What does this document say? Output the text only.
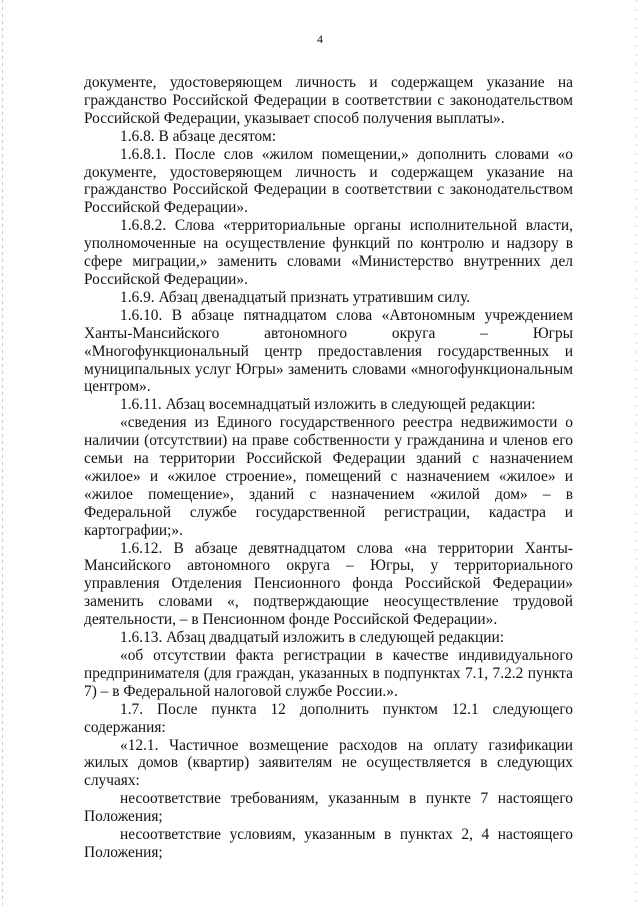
4

документе, удостоверяющем личность и содержащем указание на гражданство Российской Федерации в соответствии с законодательством Российской Федерации, указывает способ получения выплаты».

1.6.8. В абзаце десятом:

1.6.8.1. После слов «жилом помещении,» дополнить словами «о документе, удостоверяющем личность и содержащем указание на гражданство Российской Федерации в соответствии с законодательством Российской Федерации».

1.6.8.2. Слова «территориальные органы исполнительной власти, уполномоченные на осуществление функций по контролю и надзору в сфере миграции,» заменить словами «Министерство внутренних дел Российской Федерации».

1.6.9. Абзац двенадцатый признать утратившим силу.

1.6.10. В абзаце пятнадцатом слова «Автономным учреждением Ханты-Мансийского автономного округа – Югры «Многофункциональный центр предоставления государственных и муниципальных услуг Югры» заменить словами «многофункциональным центром».

1.6.11. Абзац восемнадцатый изложить в следующей редакции:

«сведения из Единого государственного реестра недвижимости о наличии (отсутствии) на праве собственности у гражданина и членов его семьи на территории Российской Федерации зданий с назначением «жилое» и «жилое строение», помещений с назначением «жилое» и «жилое помещение», зданий с назначением «жилой дом» – в Федеральной службе государственной регистрации, кадастра и картографии;».

1.6.12. В абзаце девятнадцатом слова «на территории Ханты-Мансийского автономного округа – Югры, у территориального управления Отделения Пенсионного фонда Российской Федерации» заменить словами «, подтверждающие неосуществление трудовой деятельности, – в Пенсионном фонде Российской Федерации».

1.6.13. Абзац двадцатый изложить в следующей редакции:

«об отсутствии факта регистрации в качестве индивидуального предпринимателя (для граждан, указанных в подпунктах 7.1, 7.2.2 пункта 7) – в Федеральной налоговой службе России.».

1.7. После пункта 12 дополнить пунктом 12.1 следующего содержания:

«12.1. Частичное возмещение расходов на оплату газификации жилых домов (квартир) заявителям не осуществляется в следующих случаях:

несоответствие требованиям, указанным в пункте 7 настоящего Положения;

несоответствие условиям, указанным в пунктах 2, 4 настоящего Положения;
